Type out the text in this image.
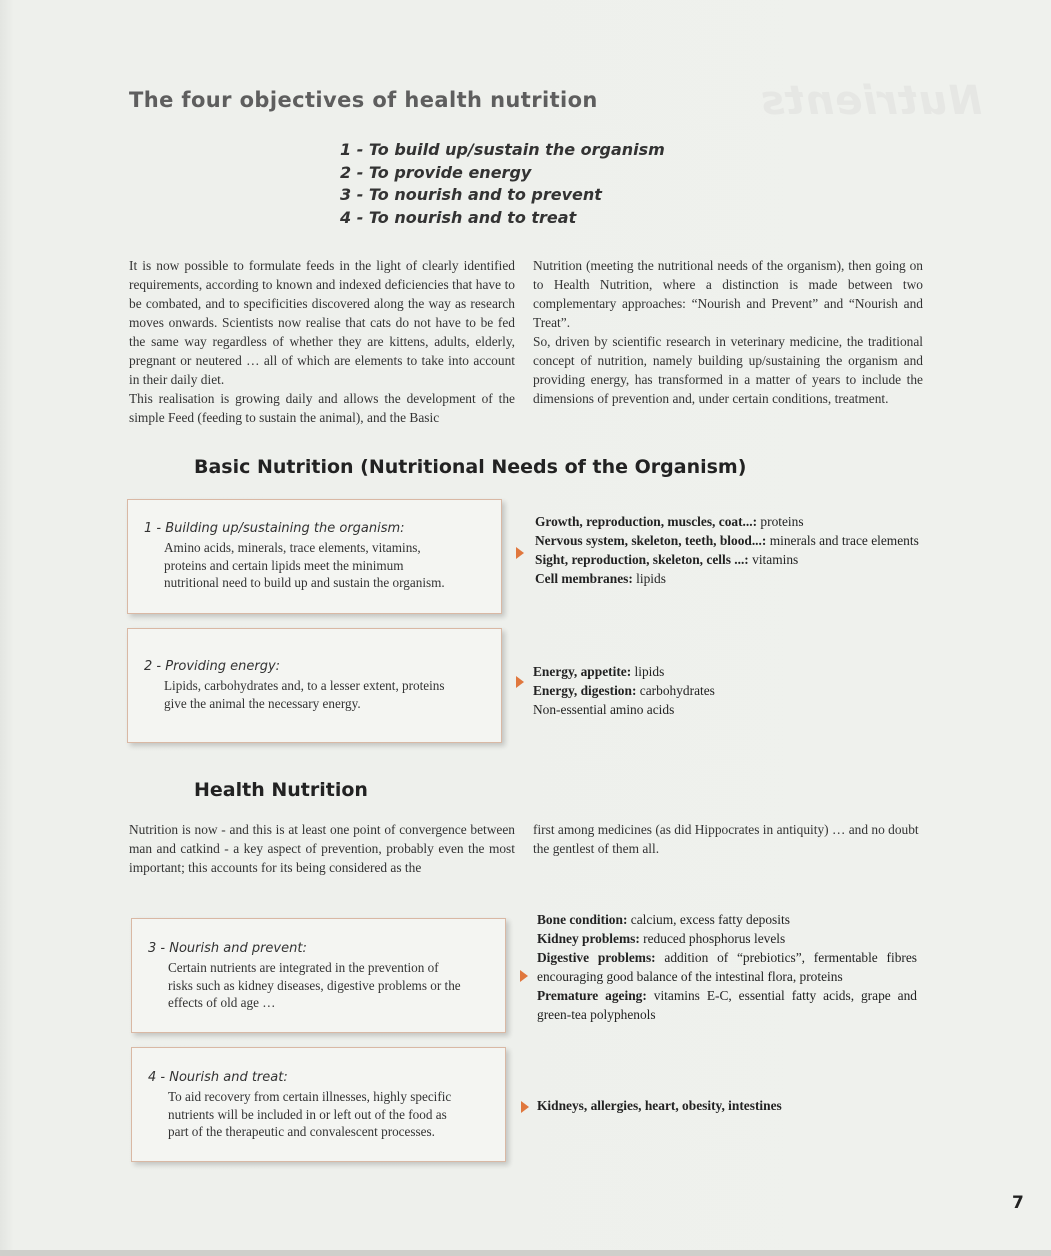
Nutrients
The four objectives of health nutrition
1 - To build up/sustain the organism
2 - To provide energy
3 - To nourish and to prevent
4 - To nourish and to treat

It is now possible to formulate feeds in the light of clearly identified requirements, according to known and indexed deficiencies that have to be combated, and to specificities discovered along the way as research moves onwards. Scientists now realise that cats do not have to be fed the same way regardless of whether they are kittens, adults, elderly, pregnant or neutered … all of which are elements to take into account in their daily diet.

This realisation is growing daily and allows the development of the simple Feed (feeding to sustain the animal), and the Basic

Nutrition (meeting the nutritional needs of the organism), then going on to Health Nutrition, where a distinction is made between two complementary approaches: “Nourish and Prevent” and “Nourish and Treat”.

So, driven by scientific research in veterinary medicine, the traditional concept of nutrition, namely building up/sustaining the organism and providing energy, has transformed in a matter of years to include the dimensions of prevention and, under certain conditions, treatment.

Basic Nutrition (Nutritional Needs of the Organism)
1 - Building up/sustaining the organism:
Amino acids, minerals, trace elements, vitamins,
proteins and certain lipids meet the minimum
nutritional need to build up and sustain the organism.
Growth, reproduction, muscles, coat...: proteins
Nervous system, skeleton, teeth, blood...: minerals and trace elements
Sight, reproduction, skeleton, cells ...: vitamins
Cell membranes: lipids
2 - Providing energy:
Lipids, carbohydrates and, to a lesser extent, proteins
give the animal the necessary energy.
Energy, appetite: lipids
Energy, digestion: carbohydrates
Non-essential amino acids
Health Nutrition

Nutrition is now - and this is at least one point of convergence between man and catkind - a key aspect of prevention, probably even the most important; this accounts for its being considered as the

first among medicines (as did Hippocrates in antiquity) … and no doubt the gentlest of them all.

3 - Nourish and prevent:
Certain nutrients are integrated in the prevention of
risks such as kidney diseases, digestive problems or the
effects of old age …
Bone condition: calcium, excess fatty deposits
Kidney problems: reduced phosphorus levels
Digestive problems: addition of “prebiotics”, fermentable fibres encouraging good balance of the intestinal flora, proteins
Premature ageing: vitamins E-C, essential fatty acids, grape and green-tea polyphenols
4 - Nourish and treat:
To aid recovery from certain illnesses, highly specific
nutrients will be included in or left out of the food as
part of the therapeutic and convalescent processes.
Kidneys, allergies, heart, obesity, intestines
7
